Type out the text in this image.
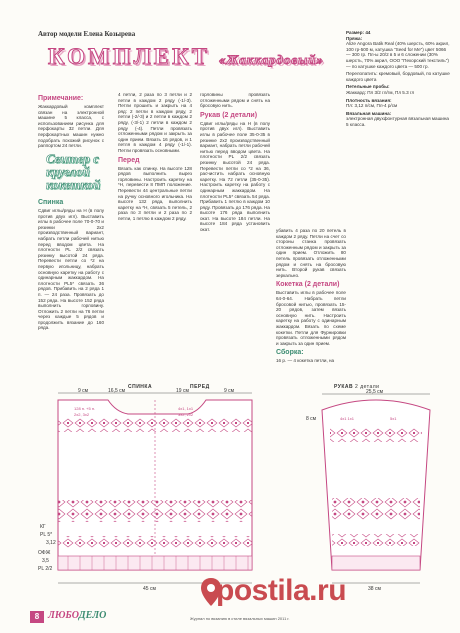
Автор модели Елена Козырева
КОМПЛЕКТ «Жаккардовый»
Примечание:

Жаккардовый комплект связан на электронной машине 5 класса, с использованием рисунка для перфокарты 32 петли. Для перфокартных машин нужно подобрать похожий рисунок с раппортом 24 петли.

Свитер с круглой кокеткой
Спинка

Сдвиг иглы/ряды на Н (в полу против двух игл). Выставить иглы в рабочее поле 70-0-70 и резинки 2x2 производственный вариант, набрать петли рабочей нитью перед вводом цвета. На плотности PL 2/2 связать резинку высотой 24 ряда. Перевести петли со *2 на первую игольницу, набрать основную каретку на работу с одинарным жаккардом. На плотности PL5* связать 36 рядов. Прибавить на 2 ряда 1 п. — 24 раза. Провязать до 152 ряда. На высоте 152 ряда выполнить горловину. Отложить 2 петли на 76 петли через каждые 5 рядов и продолжить вязание до 160 ряда.

4 петли, 2 раза по 3 петли и 2 петли в каждом 2 ряду (-1/-3). Петли прошить и закрыть на 4 ряд: 2 петли в каждом ряду, 2 петли (-2/-3) и 2 петли в каждом 2 ряду, (-3/-1) 2 петли в каждом 2 ряду (-4). Петли провязать отложенными рядом и закрыть за один прием. Вязать 16 рядов, и 1 петля в каждом 4 ряду (-1/-1). Петли провязать основными.

Перед

Вязать как спинку. На высоте 128 рядов выполнить вырез горловины. Настроить каретку на *Н, перевести 8 ПМП положение. Перевести 44 центральные петли на ручку основного игольника. На высоте 132 ряда, выполнить каретку на *Н, связать 5 петель, 2 раза по 3 петли и 2 раза по 2 петли, 1 петлю в каждом 2 ряду.

горловины провязать отложенными рядом и снять на бросовую нить.

Рукав (2 детали)

Сдвиг иглы/ряды на Н (в полу против двух игл). Выставить иглы в рабочее поле 35-0-35 в резинке 2x2 производственный вариант, набрать петли рабочей нитью перед вводом цвета. На плотности PL 2/2 связать резинку высотой 24 ряда. Перевести петли со *2 на 36, расчистить набрать основную каретку. На 72 петли (35-0-35). Настроить каретку на работу с одинарным жаккардом. На плотности PL5* связать 54 ряда. Прибавить 1 петлю в каждом 10 ряду. Провязать до 176 ряда. На высоте 176 ряда выполнить окат. На высоте 184 петли. На высоте 184 ряда установить окат.	убавить 4 раза по 20 петель в каждом 2 ряду. Петли на счет со стороны станка провязать отложенным рядом и закрыть за один прием. Отложить 80 петель провязать отложенными рядом и снять на бросовую нить. Второй рукав связать зеркально.

Кокетка (2 детали)

Выставить иглы в рабочее поле 64-0-64. Набрать петли бросовой нитью, провязать 15-20 рядов, затем вязать основную нить. Настроить каретку на работу с одинарным жаккардом. Вязать по схеме кокетки. Петли для Фурнировки провязать отложенными рядом и закрыть за один прием.

Сборка:

16 р. — 4 кокетка петли, на

Размер: 44

Пряжа:

Alize Angora Batik Real (40% шерсть, 60% акрил, 100 гр-500 м, катушка "Seed for Me") цвет 5066 — 300 гр. Пл-ы 20/2 в 5 и 6 сложении (30% шерсть, 70% акрил, ООО "Пехорский текстиль") — по катушке каждого цвета — 500 гр.

Перелопатить: кремовый, бордовый, по катушке каждого цвета

Петельные пробы:

Жаккард: Пл 3/2 гл/гм, Пл 5.3 гл

Плотность вязания:

Пл: 3,12 п/см, Пл-4 р/см

Вязальная машина:

электронная двухфонтурная вязальная машина 5 класса.

СПИНКА	ПЕРЕД	РУКАВ 2 детали
9 см	16,5 см	19 см	9 см
45 см
КГ
PL 5*
3,12
ОФЖ
3,5
PL 2/2
128 п. +5 п.
2x2, 3x2
4х1, 1x1
3x2, 2x2
25,5 см
8 см
38 см
4x1 1x1	5x1
postila.ru
8 ЛЮБОДЕЛО	Журнал по вязанию в стиле вязальных машин 2011 г.
